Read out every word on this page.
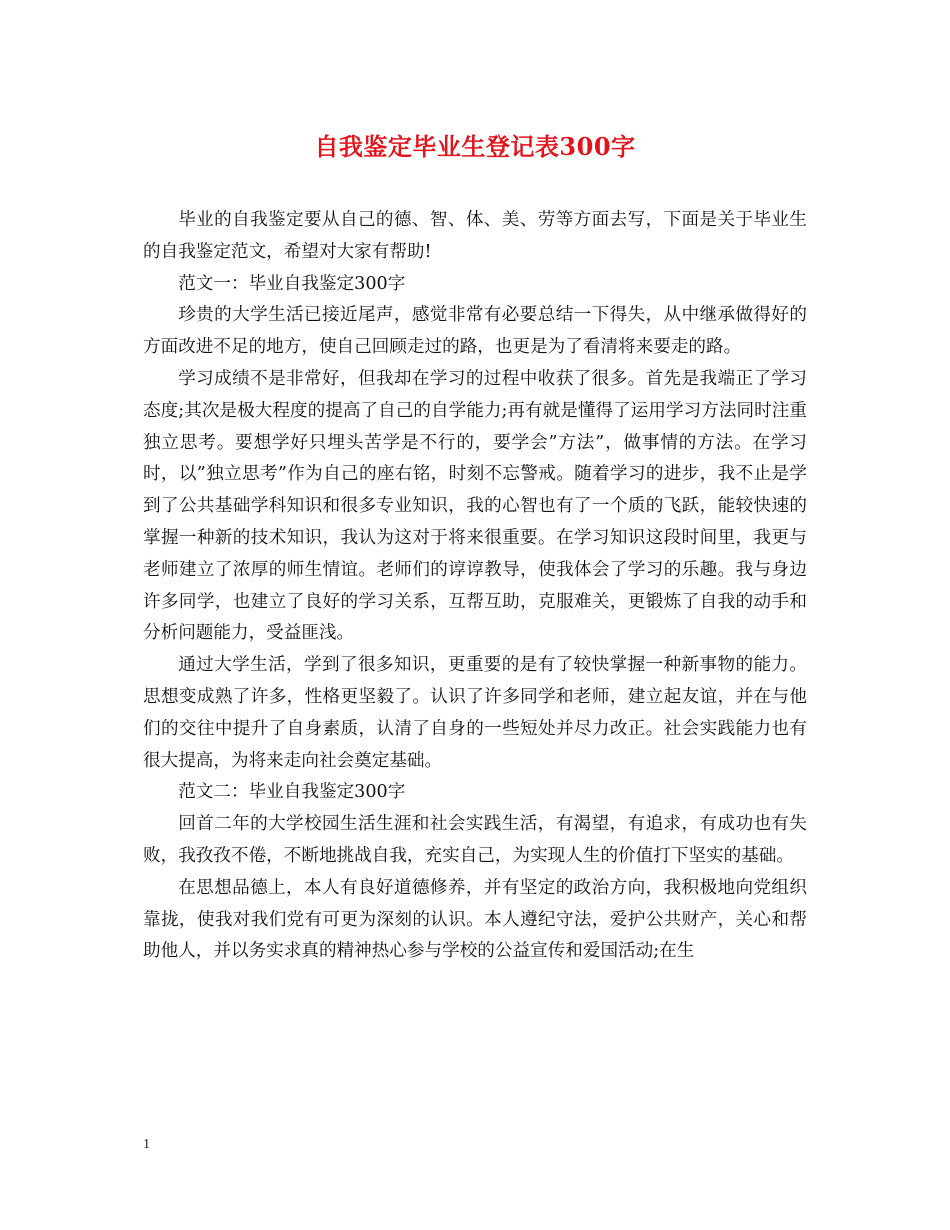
自我鉴定毕业生登记表300字

毕业的自我鉴定要从自己的德、智、体、美、劳等方面去写，下面是关于毕业生的自我鉴定范文，希望对大家有帮助!

范文一：毕业自我鉴定300字

珍贵的大学生活已接近尾声，感觉非常有必要总结一下得失，从中继承做得好的方面改进不足的地方，使自己回顾走过的路，也更是为了看清将来要走的路。

学习成绩不是非常好，但我却在学习的过程中收获了很多。首先是我端正了学习态度;其次是极大程度的提高了自己的自学能力;再有就是懂得了运用学习方法同时注重独立思考。要想学好只埋头苦学是不行的，要学会”方法”，做事情的方法。在学习时，以”独立思考”作为自己的座右铭，时刻不忘警戒。随着学习的进步，我不止是学到了公共基础学科知识和很多专业知识，我的心智也有了一个质的飞跃，能较快速的掌握一种新的技术知识，我认为这对于将来很重要。在学习知识这段时间里，我更与老师建立了浓厚的师生情谊。老师们的谆谆教导，使我体会了学习的乐趣。我与身边许多同学，也建立了良好的学习关系，互帮互助，克服难关，更锻炼了自我的动手和分析问题能力，受益匪浅。

通过大学生活，学到了很多知识，更重要的是有了较快掌握一种新事物的能力。思想变成熟了许多，性格更坚毅了。认识了许多同学和老师，建立起友谊，并在与他们的交往中提升了自身素质，认清了自身的一些短处并尽力改正。社会实践能力也有很大提高，为将来走向社会奠定基础。

范文二：毕业自我鉴定300字

回首二年的大学校园生活生涯和社会实践生活，有渴望，有追求，有成功也有失败，我孜孜不倦，不断地挑战自我，充实自己，为实现人生的价值打下坚实的基础。

在思想品德上，本人有良好道德修养，并有坚定的政治方向，我积极地向党组织靠拢，使我对我们党有可更为深刻的认识。本人遵纪守法，爱护公共财产，关心和帮助他人，并以务实求真的精神热心参与学校的公益宣传和爱国活动;在生

1
